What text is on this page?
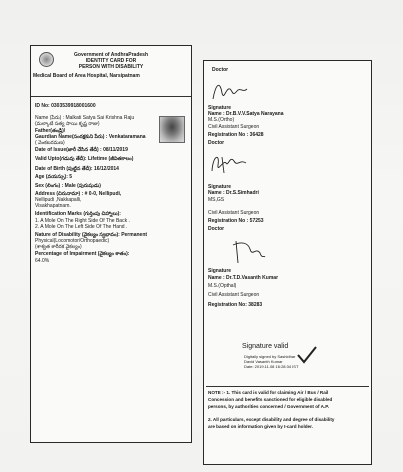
Government of AndhraPradesh
IDENTITY CARD FOR
PERSON WITH DISABILITY
Medical Board of Area Hospital, Narsipatnam
ID No: 0303539918001600
Name (పేరు) : Malkati Satya Sai Krishna Raju
(మల్కాటి సత్య సాయి కృష్ణ రాజు)
Father(తండ్రి)/
Gaurdian Name(సంరక్షకుని పేరు) : Venkataramana
( వెంకటరమణ)
Date of Issue(జారీ చేసిన తేదీ) : 08/11/2019
Valid Upto(గడువు తేదీ): Lifetime (జీవితకాలం)
Date of Birth (పుట్టిన తేదీ): 16/12/2014
Age (వయస్సు): 5
Sex (లింగం) : Male (పురుషుడు)
Address (చిరునామా) : # 0-0, Nellipudi,
Nellipudi ,Nakkapalli,
Visakhapatnam.
Identification Marks (గుర్తింపు చిహ్నాలు):
1. A Mole On The Right Side Of The Back .
2. A Mole On The Left Side Of The Hand .
Nature of Disability (వైకల్యం స్వభావం): Permanent
Physical(Locomotor/Orthopaedic)
(శాశ్వత శారీరక వైకల్యం)
Percentage of Impairment (వైకల్యం శాతం):
64.0%
Doctor
Signature
Name : Dr.B.V.V.Satya Narayana
M.S.(Ortho)
Civil Assistant Surgeon
Registration No : 36428
Doctor
Signature
Name : Dr.S.Simhadri
MS,GS
Civil Assistant Surgeon
Registration No : 57253
Doctor
Signature
Name : Dr.T.D.Vasanth Kumar
M.S.(Opthal)
Civil Assistant Surgeon
Registration No: 38283
Signature valid
Digitally signed by Sashidhar
David Vasanth Kumar
Date: 2019.11.08 16:28:34 IST
NOTE :- 1. This card is valid for claiming Air / Bus / Rail
Concession and benefits sanctioned for eligible disabled
persons, by authorities concerned / Government of A.P.
2. All particulars, except disability and degree of disability
are based on information given by I-card holder.
